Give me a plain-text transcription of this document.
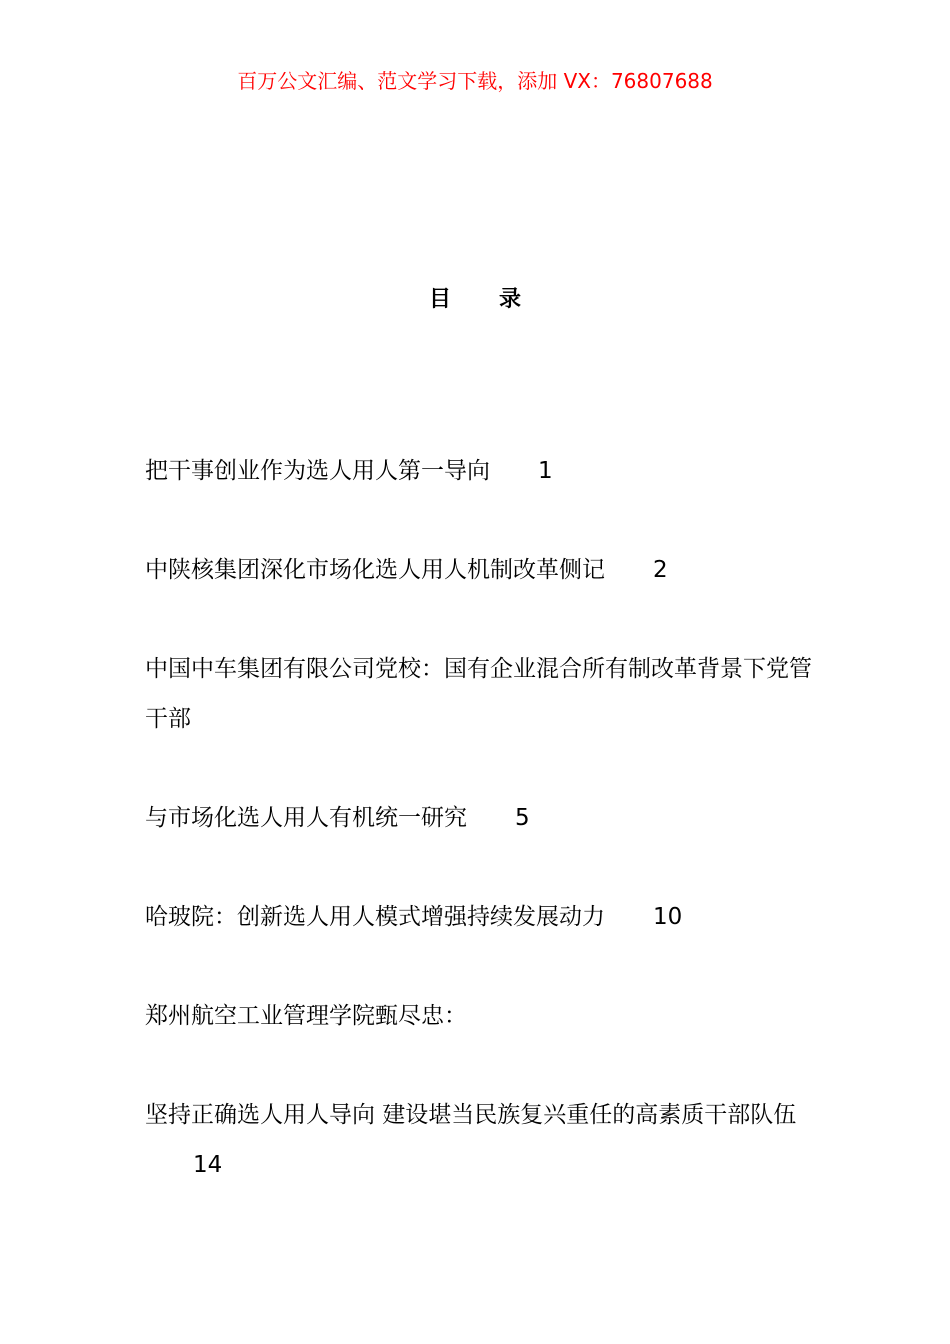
百万公文汇编、范文学习下载，添加 VX：76807688
目 录
把干事创业作为选人用人第一导向 1
中陕核集团深化市场化选人用人机制改革侧记 2
中国中车集团有限公司党校：国有企业混合所有制改革背景下党管干部
与市场化选人用人有机统一研究 5
哈玻院：创新选人用人模式增强持续发展动力 10
郑州航空工业管理学院甄尽忠：
坚持正确选人用人导向 建设堪当民族复兴重任的高素质干部队伍14
